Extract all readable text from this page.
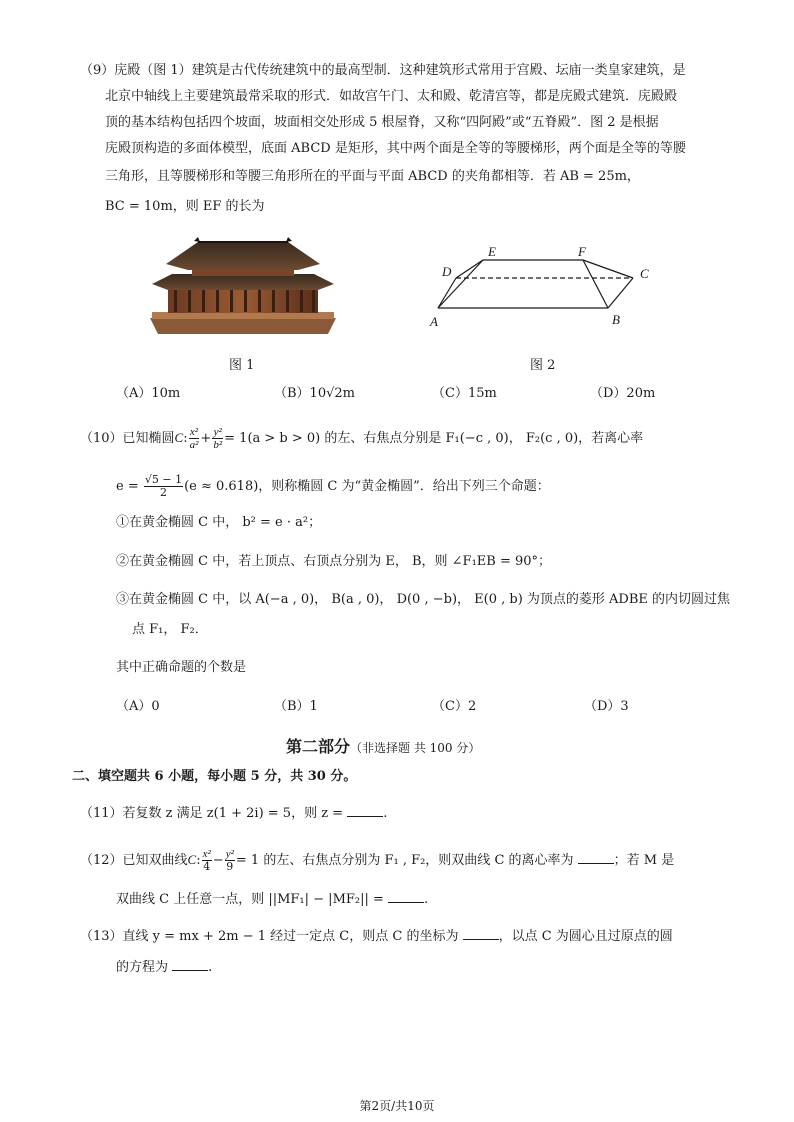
（9）庑殿（图 1）建筑是古代传统建筑中的最高型制．这种建筑形式常用于宫殿、坛庙一类皇家建筑，是
北京中轴线上主要建筑最常采取的形式．如故宫午门、太和殿、乾清宫等，都是庑殿式建筑．庑殿殿
顶的基本结构包括四个坡面，坡面相交处形成 5 根屋脊，又称“四阿殿”或“五脊殿”．图 2 是根据
庑殿顶构造的多面体模型，底面 ABCD 是矩形，其中两个面是全等的等腰梯形，两个面是全等的等腰
三角形，且等腰梯形和等腰三角形所在的平面与平面 ABCD 的夹角都相等．若 AB = 25m，
BC = 10m，则 EF 的长为
图 1
A	B
C
D
E	F
图 2
（A）10m	（B）10√2m	（C）15m	（D）20m
（10）已知椭圆C: $\frac{\text{x²}}{\text{a²}} + \frac{\text{y²}}{\text{b²}} = 1(a > b > 0)$ 的左、右焦点分别是 F₁(−c , 0)， F₂(c , 0)，若离心率
$e = \frac{√5 - 1}{2} (e \approx 0.618)$，则称椭圆 C 为“黄金椭圆”．给出下列三个命题：
①在黄金椭圆 C 中， b² = e · a²；
②在黄金椭圆 C 中，若上顶点、右顶点分别为 E， B，则 ∠F₁EB = 90°；
③在黄金椭圆 C 中，以 A(−a , 0)， B(a , 0)， D(0 , −b)， E(0 , b) 为顶点的菱形 ADBE 的内切圆过焦
点 F₁， F₂．
其中正确命题的个数是
（A）0	（B）1	（C）2	（D）3
第二部分（非选择题 共 100 分）
二、填空题共 6 小题，每小题 5 分，共 30 分。
（11）若复数 z 满足 z(1 + 2i) = 5，则 z =	.
（12）已知双曲线C: $\frac{\text{x²}}{4} - \frac{\text{y²}}{9} = 1$ 的左、右焦点分别为 F₁ , F₂，则双曲线 C 的离心率为	；若 M 是
双曲线 C 上任意一点，则 ||MF₁| − |MF₂|| =	.
（13）直线 y = mx + 2m − 1 经过一定点 C，则点 C 的坐标为	，以点 C 为圆心且过原点的圆
的方程为	.
第2页/共10页
